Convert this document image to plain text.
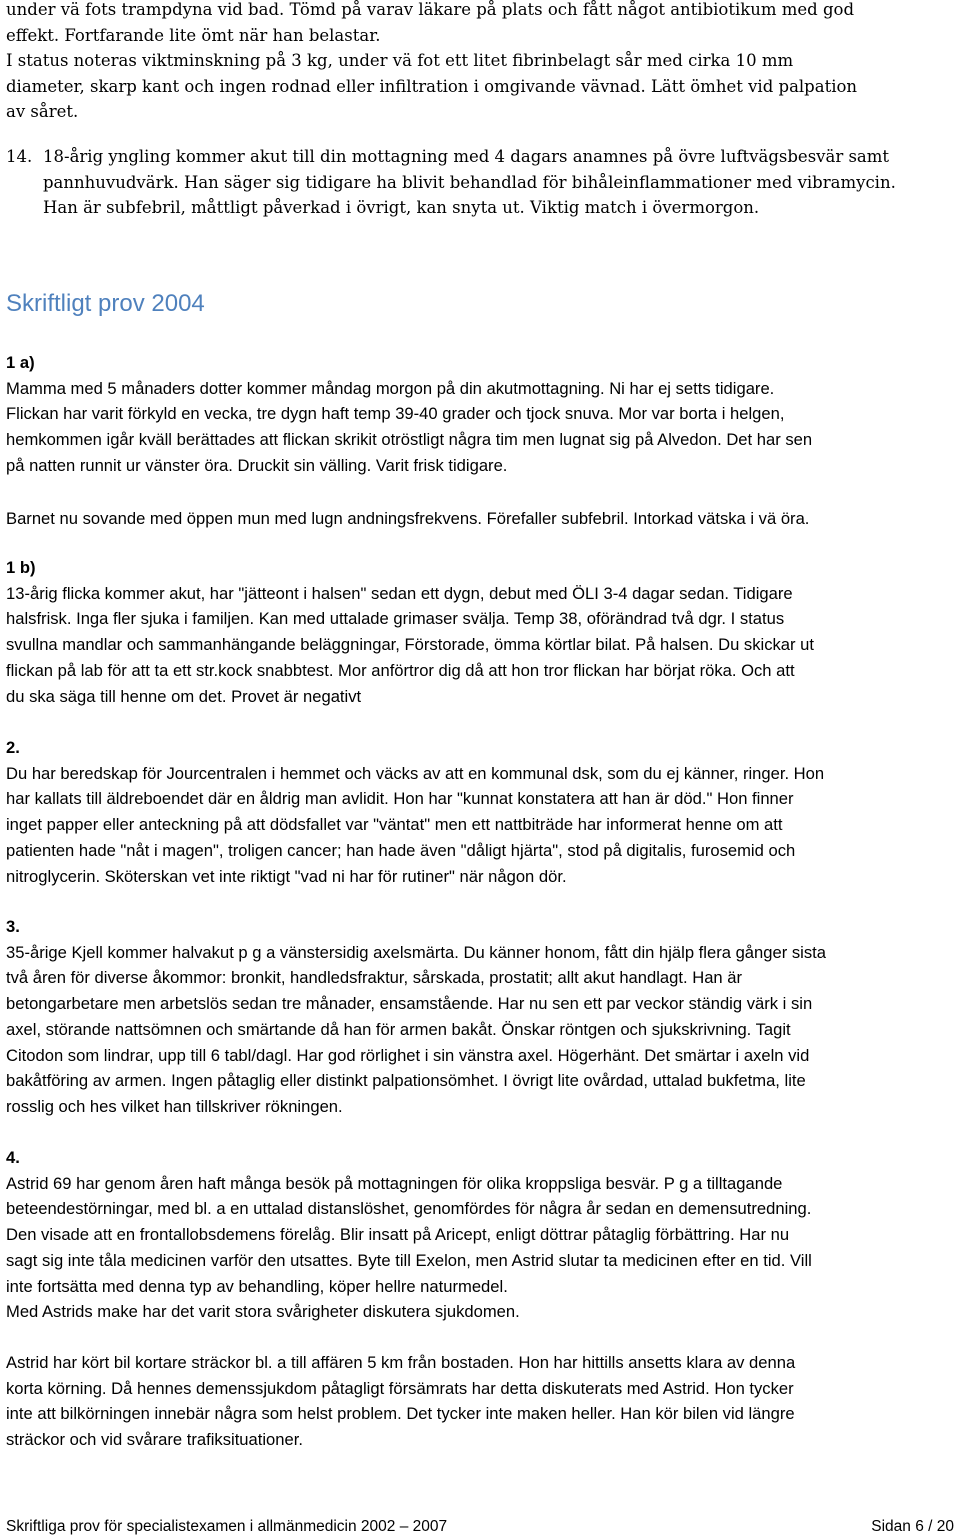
under vä fots trampdyna vid bad. Tömd på varav läkare på plats och fått något antibiotikum med god
effekt. Fortfarande lite ömt när han belastar.
I status noteras viktminskning på 3 kg, under vä fot ett litet fibrinbelagt sår med cirka 10 mm
diameter, skarp kant och ingen rodnad eller infiltration i omgivande vävnad. Lätt ömhet vid palpation
av såret.
14. 18-årig yngling kommer akut till din mottagning med 4 dagars anamnes på övre luftvägsbesvär samt
pannhuvudvärk. Han säger sig tidigare ha blivit behandlad för bihåleinflammationer med vibramycin.
Han är subfebril, måttligt påverkad i övrigt, kan snyta ut. Viktig match i övermorgon.
Skriftligt prov 2004
1 a)
Mamma med 5 månaders dotter kommer måndag morgon på din akutmottagning. Ni har ej setts tidigare.
Flickan har varit förkyld en vecka, tre dygn haft temp 39-40 grader och tjock snuva. Mor var borta i helgen,
hemkommen igår kväll berättades att flickan skrikit otröstligt några tim men lugnat sig på Alvedon. Det har sen
på natten runnit ur vänster öra. Druckit sin välling. Varit frisk tidigare.
Barnet nu sovande med öppen mun med lugn andningsfrekvens. Förefaller subfebril. Intorkad vätska i vä öra.
1 b)
13-årig flicka kommer akut, har "jätteont i halsen" sedan ett dygn, debut med ÖLI 3-4 dagar sedan. Tidigare
halsfrisk. Inga fler sjuka i familjen. Kan med uttalade grimaser svälja. Temp 38, oförändrad två dgr. I status
svullna mandlar och sammanhängande beläggningar, Förstorade, ömma körtlar bilat. På halsen. Du skickar ut
flickan på lab för att ta ett str.kock snabbtest. Mor anförtror dig då att hon tror flickan har börjat röka. Och att
du ska säga till henne om det. Provet är negativt
2.
Du har beredskap för Jourcentralen i hemmet och väcks av att en kommunal dsk, som du ej känner, ringer. Hon
har kallats till äldreboendet där en åldrig man avlidit. Hon har "kunnat konstatera att han är död." Hon finner
inget papper eller anteckning på att dödsfallet var "väntat" men ett nattbiträde har informerat henne om att
patienten hade "nåt i magen", troligen cancer; han hade även "dåligt hjärta", stod på digitalis, furosemid och
nitroglycerin. Sköterskan vet inte riktigt "vad ni har för rutiner" när någon dör.
3.
35-årige Kjell kommer halvakut p g a vänstersidig axelsmärta. Du känner honom, fått din hjälp flera gånger sista
två åren för diverse åkommor: bronkit, handledsfraktur, sårskada, prostatit; allt akut handlagt. Han är
betongarbetare men arbetslös sedan tre månader, ensamstående. Har nu sen ett par veckor ständig värk i sin
axel, störande nattsömnen och smärtande då han för armen bakåt. Önskar röntgen och sjukskrivning. Tagit
Citodon som lindrar, upp till 6 tabl/dagl. Har god rörlighet i sin vänstra axel. Högerhänt. Det smärtar i axeln vid
bakåtföring av armen. Ingen påtaglig eller distinkt palpationsömhet. I övrigt lite ovårdad, uttalad bukfetma, lite
rosslig och hes vilket han tillskriver rökningen.
4.
Astrid 69 har genom åren haft många besök på mottagningen för olika kroppsliga besvär. P g a tilltagande
beteendestörningar, med bl. a en uttalad distanslöshet, genomfördes för några år sedan en demensutredning.
Den visade att en frontallobsdemens förelåg. Blir insatt på Aricept, enligt döttrar påtaglig förbättring. Har nu
sagt sig inte tåla medicinen varför den utsattes. Byte till Exelon, men Astrid slutar ta medicinen efter en tid. Vill
inte fortsätta med denna typ av behandling, köper hellre naturmedel.
Med Astrids make har det varit stora svårigheter diskutera sjukdomen.
Astrid har kört bil kortare sträckor bl. a till affären 5 km från bostaden. Hon har hittills ansetts klara av denna
korta körning. Då hennes demenssjukdom påtagligt försämrats har detta diskuterats med Astrid. Hon tycker
inte att bilkörningen innebär några som helst problem. Det tycker inte maken heller. Han kör bilen vid längre
sträckor och vid svårare trafiksituationer.
Skriftliga prov för specialistexamen i allmänmedicin 2002 – 2007	Sidan 6 / 20
